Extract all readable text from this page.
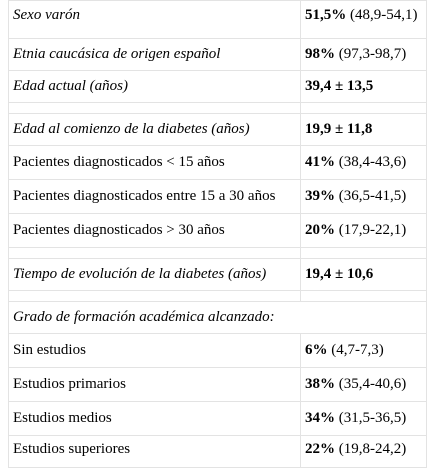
Sexo varón	51,5% (48,9-54,1)
Etnia caucásica de origen español	98% (97,3-98,7)
Edad actual (años)	39,4 ± 13,5

Edad al comienzo de la diabetes (años)	19,9 ± 11,8
Pacientes diagnosticados < 15 años	41% (38,4-43,6)
Pacientes diagnosticados entre 15 a 30 años	39% (36,5-41,5)
Pacientes diagnosticados > 30 años	20% (17,9-22,1)

Tiempo de evolución de la diabetes (años)	19,4 ± 10,6

Grado de formación académica alcanzado:	
Sin estudios	6% (4,7-7,3)
Estudios primarios	38% (35,4-40,6)
Estudios medios	34% (31,5-36,5)
Estudios superiores	22% (19,8-24,2)
